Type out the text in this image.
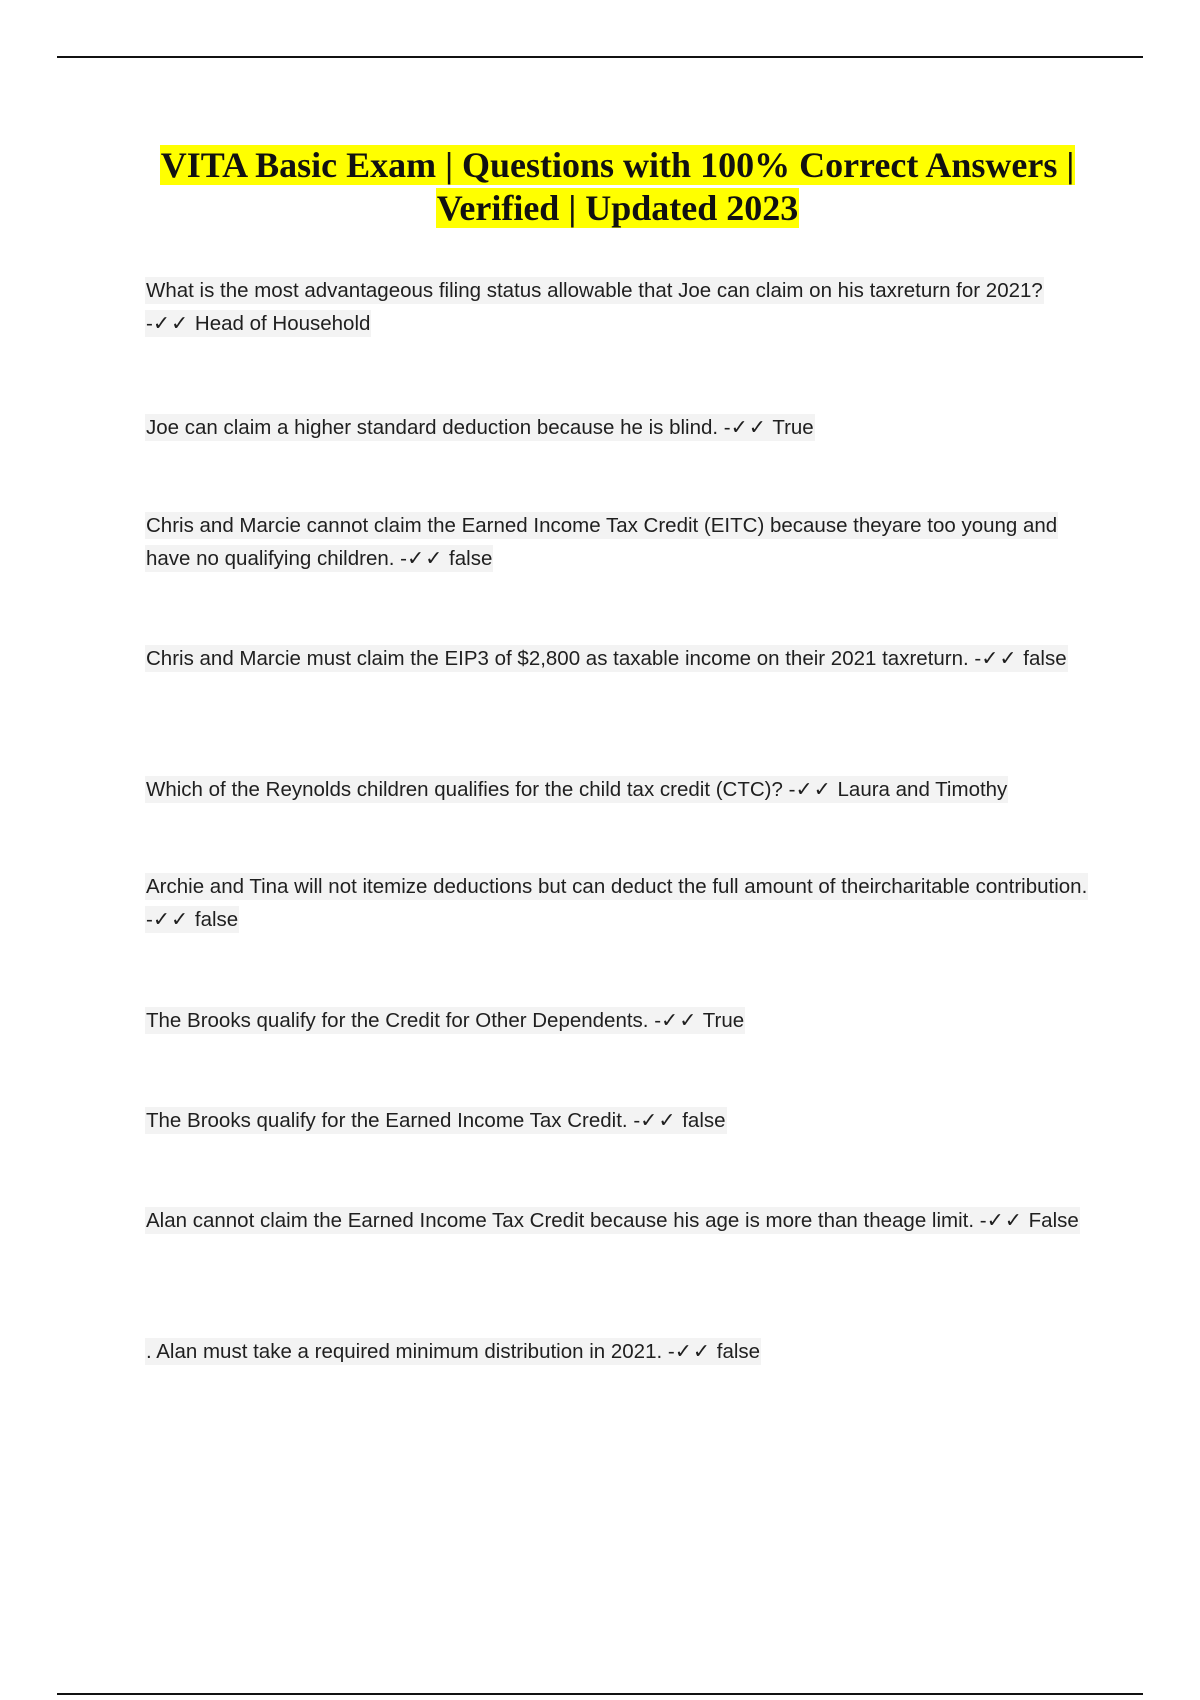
VITA Basic Exam | Questions with 100% Correct Answers | Verified | Updated 2023

What is the most advantageous filing status allowable that Joe can claim on his taxreturn for 2021? -✓✓ Head of Household

Joe can claim a higher standard deduction because he is blind. -✓✓ True

Chris and Marcie cannot claim the Earned Income Tax Credit (EITC) because theyare too young and have no qualifying children. -✓✓ false

Chris and Marcie must claim the EIP3 of $2,800 as taxable income on their 2021 taxreturn. -✓✓ false

Which of the Reynolds children qualifies for the child tax credit (CTC)? -✓✓ Laura and Timothy

Archie and Tina will not itemize deductions but can deduct the full amount of theircharitable contribution. -✓✓ false

The Brooks qualify for the Credit for Other Dependents. -✓✓ True

The Brooks qualify for the Earned Income Tax Credit. -✓✓ false

Alan cannot claim the Earned Income Tax Credit because his age is more than theage limit. -✓✓ False

. Alan must take a required minimum distribution in 2021. -✓✓ false
